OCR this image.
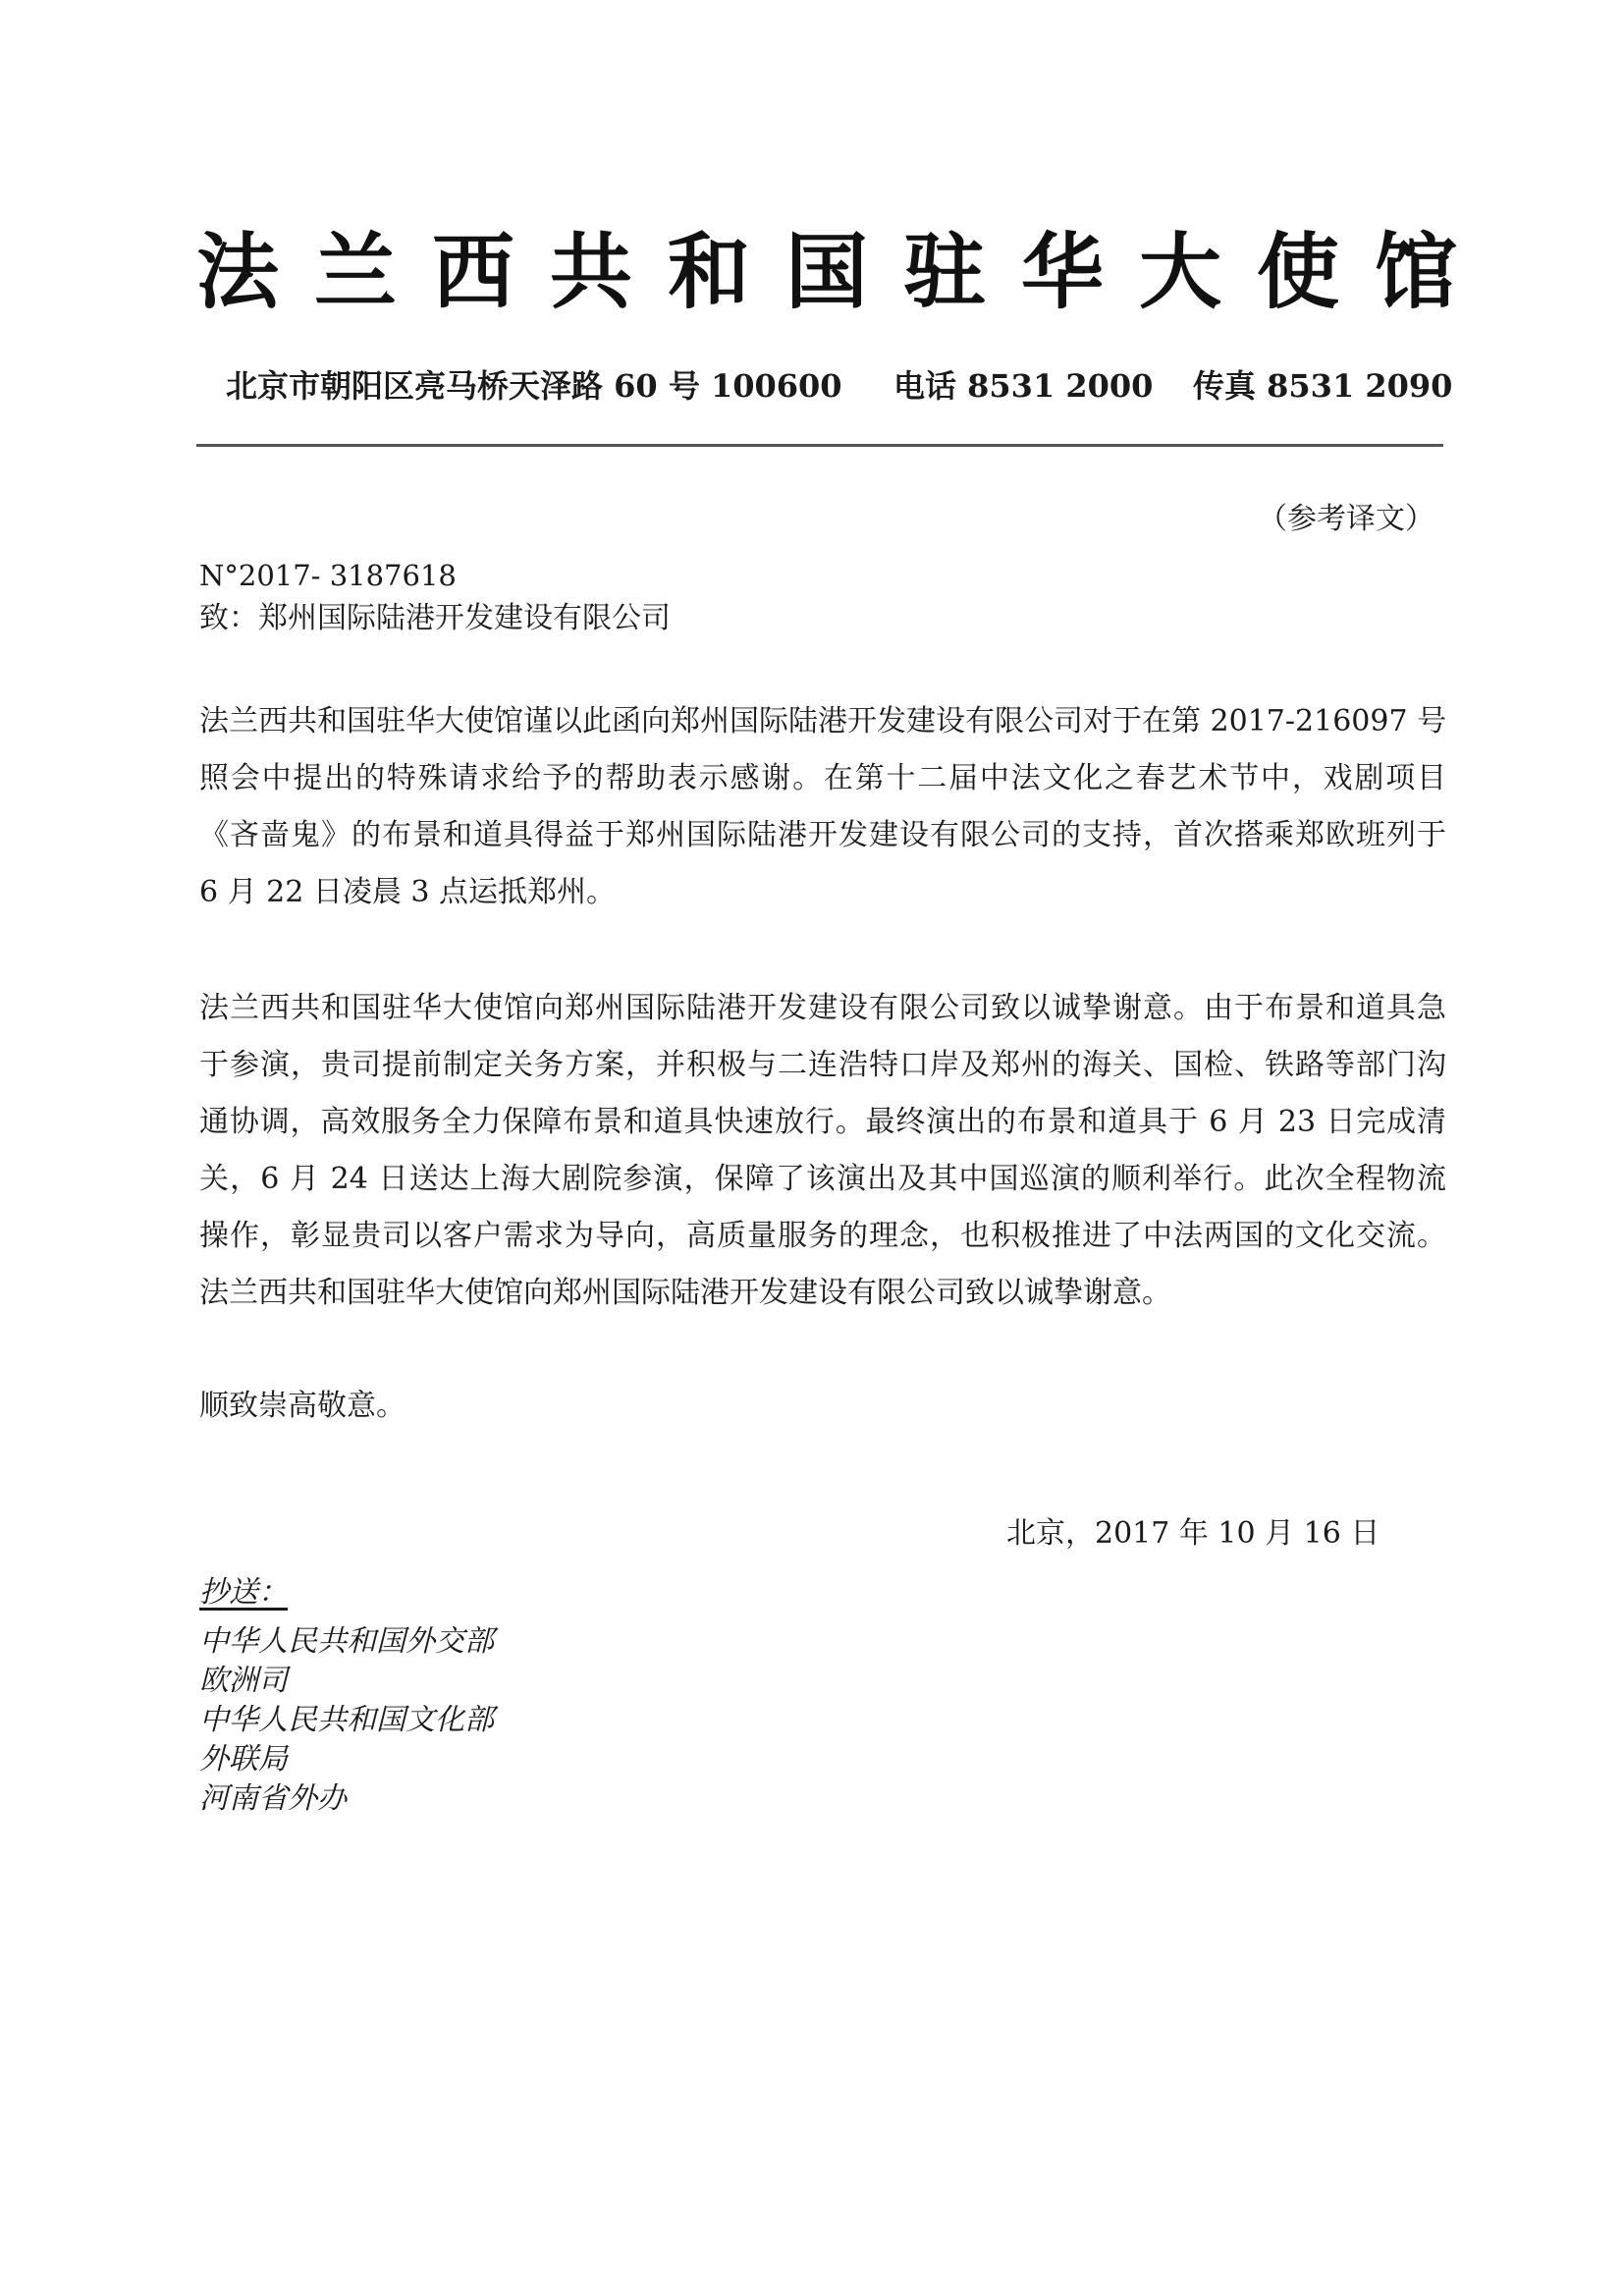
法兰西共和国驻华大使馆
北京市朝阳区亮马桥天泽路 60 号 100600 电话 8531 2000 传真 8531 2090
（参考译文）
N°2017- 3187618
致：郑州国际陆港开发建设有限公司
法兰西共和国驻华大使馆谨以此函向郑州国际陆港开发建设有限公司对于在第 2017-216097 号
照会中提出的特殊请求给予的帮助表示感谢。在第十二届中法文化之春艺术节中，戏剧项目
《吝啬鬼》的布景和道具得益于郑州国际陆港开发建设有限公司的支持，首次搭乘郑欧班列于
6 月 22 日凌晨 3 点运抵郑州。
法兰西共和国驻华大使馆向郑州国际陆港开发建设有限公司致以诚挚谢意。由于布景和道具急
于参演，贵司提前制定关务方案，并积极与二连浩特口岸及郑州的海关、国检、铁路等部门沟
通协调，高效服务全力保障布景和道具快速放行。最终演出的布景和道具于 6 月 23 日完成清
关，6 月 24 日送达上海大剧院参演，保障了该演出及其中国巡演的顺利举行。此次全程物流
操作，彰显贵司以客户需求为导向，高质量服务的理念，也积极推进了中法两国的文化交流。
法兰西共和国驻华大使馆向郑州国际陆港开发建设有限公司致以诚挚谢意。
顺致崇高敬意。
北京，2017 年 10 月 16 日
抄送：
中华人民共和国外交部
欧洲司
中华人民共和国文化部
外联局
河南省外办
